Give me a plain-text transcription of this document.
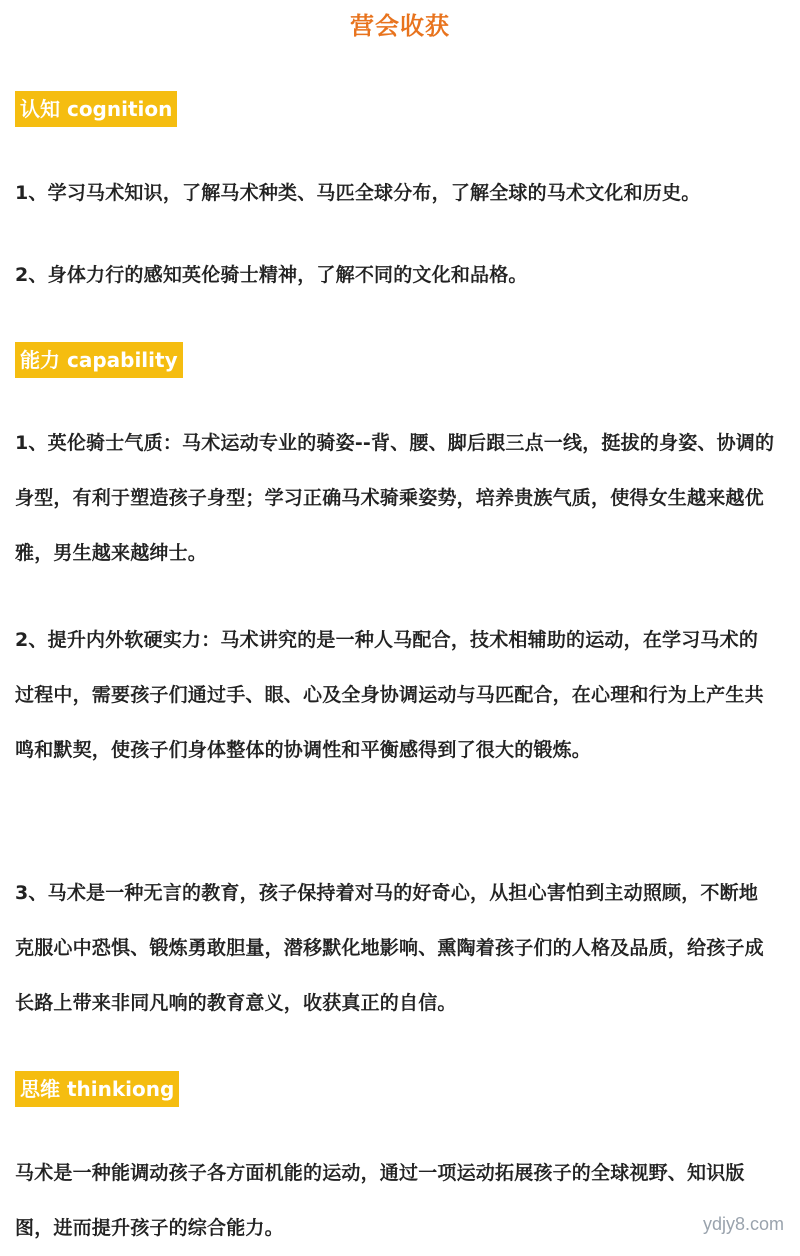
营会收获
认知 cognition

1、学习马术知识，了解马术种类、马匹全球分布，了解全球的马术文化和历史。

2、身体力行的感知英伦骑士精神，了解不同的文化和品格。

能力 capability

1、英伦骑士气质：马术运动专业的骑姿--背、腰、脚后跟三点一线，挺拔的身姿、协调的身型，有利于塑造孩子身型；学习正确马术骑乘姿势，培养贵族气质，使得女生越来越优雅，男生越来越绅士。

2、提升内外软硬实力：马术讲究的是一种人马配合，技术相辅助的运动，在学习马术的过程中，需要孩子们通过手、眼、心及全身协调运动与马匹配合，在心理和行为上产生共鸣和默契，使孩子们身体整体的协调性和平衡感得到了很大的锻炼。

3、马术是一种无言的教育，孩子保持着对马的好奇心，从担心害怕到主动照顾，不断地克服心中恐惧、锻炼勇敢胆量，潜移默化地影响、熏陶着孩子们的人格及品质，给孩子成长路上带来非同凡响的教育意义，收获真正的自信。

思维 thinkiong

马术是一种能调动孩子各方面机能的运动，通过一项运动拓展孩子的全球视野、知识版图，进而提升孩子的综合能力。	ydjy8.com
